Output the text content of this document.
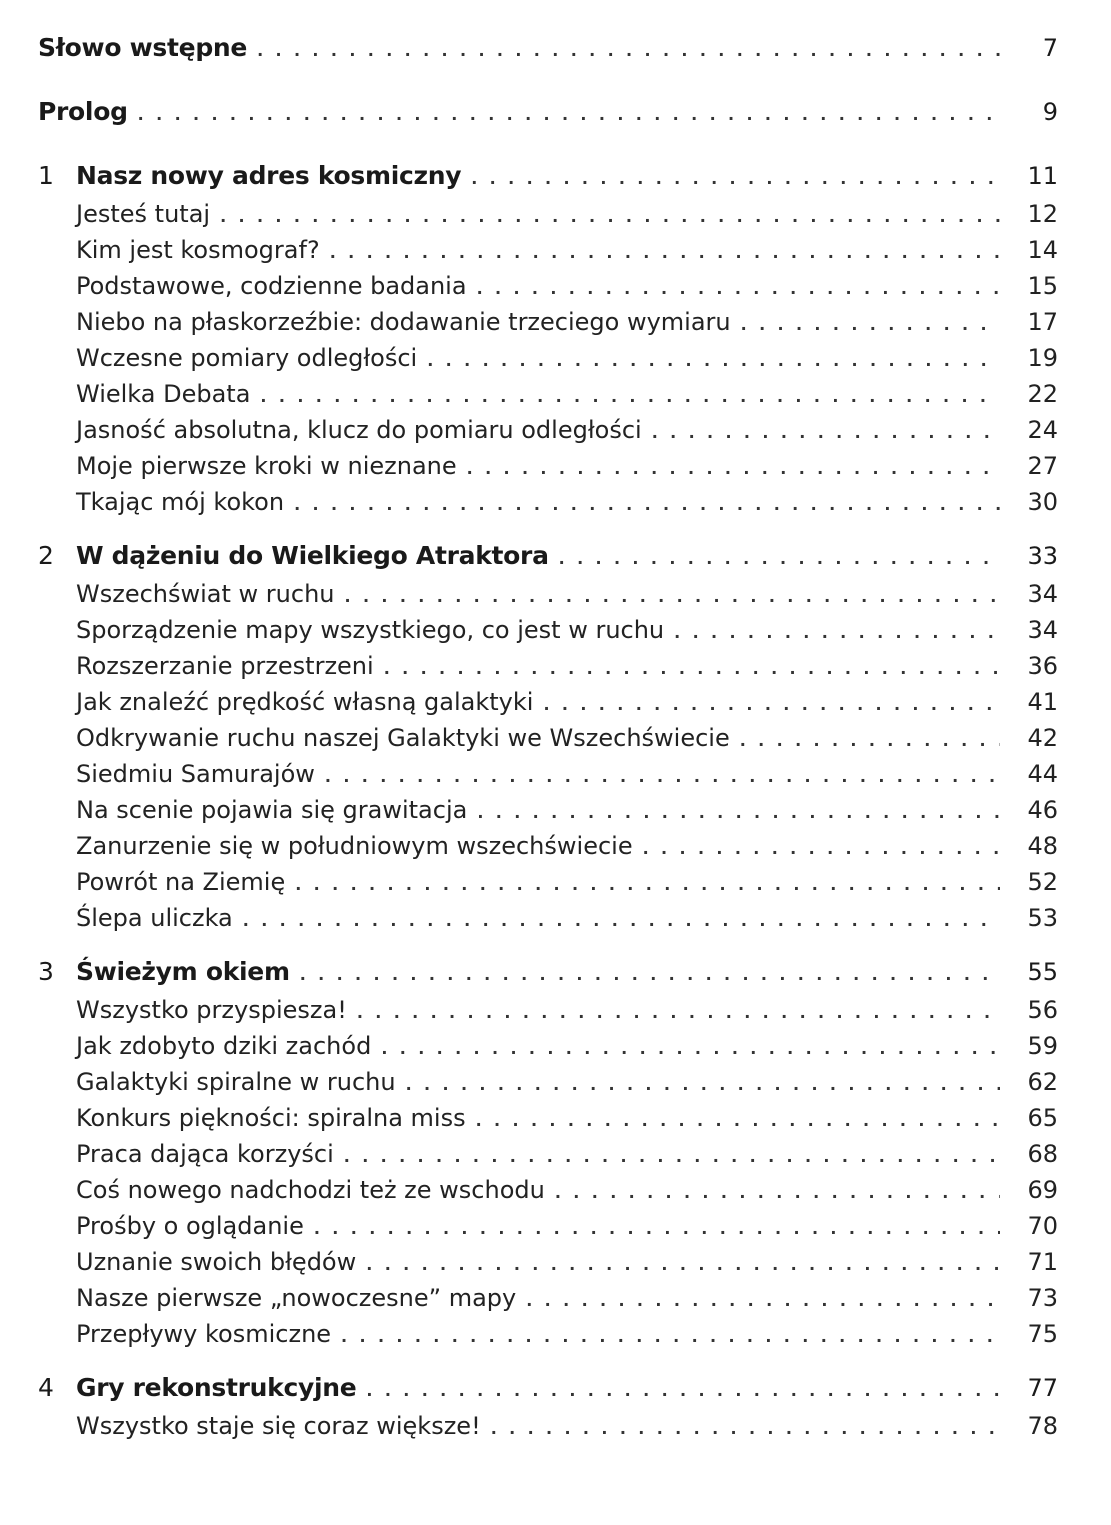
Słowo wstępne . . .	7
Prolog . . .	9
1 Nasz nowy adres kosmiczny . . .	11
Jesteś tutaj . . .	12
Kim jest kosmograf? . . .	14
Podstawowe, codzienne badania . . .	15
Niebo na płaskorzeźbie: dodawanie trzeciego wymiaru . . .	17
Wczesne pomiary odległości . . .	19
Wielka Debata . . .	22
Jasność absolutna, klucz do pomiaru odległości . . .	24
Moje pierwsze kroki w nieznane . . .	27
Tkając mój kokon . . .	30
2 W dążeniu do Wielkiego Atraktora . . .	33
Wszechświat w ruchu . . .	34
Sporządzenie mapy wszystkiego, co jest w ruchu . . .	34
Rozszerzanie przestrzeni . . .	36
Jak znaleźć prędkość własną galaktyki . . .	41
Odkrywanie ruchu naszej Galaktyki we Wszechświecie . . .	42
Siedmiu Samurajów . . .	44
Na scenie pojawia się grawitacja . . .	46
Zanurzenie się w południowym wszechświecie . . .	48
Powrót na Ziemię . . .	52
Ślepa uliczka . . .	53
3 Świeżym okiem . . .	55
Wszystko przyspiesza! . . .	56
Jak zdobyto dziki zachód . . .	59
Galaktyki spiralne w ruchu . . .	62
Konkurs piękności: spiralna miss . . .	65
Praca dająca korzyści . . .	68
Coś nowego nadchodzi też ze wschodu . . .	69
Prośby o oglądanie . . .	70
Uznanie swoich błędów . . .	71
Nasze pierwsze „nowoczesne” mapy . . .	73
Przepływy kosmiczne . . .	75
4 Gry rekonstrukcyjne . . .	77
Wszystko staje się coraz większe! . . .	78
